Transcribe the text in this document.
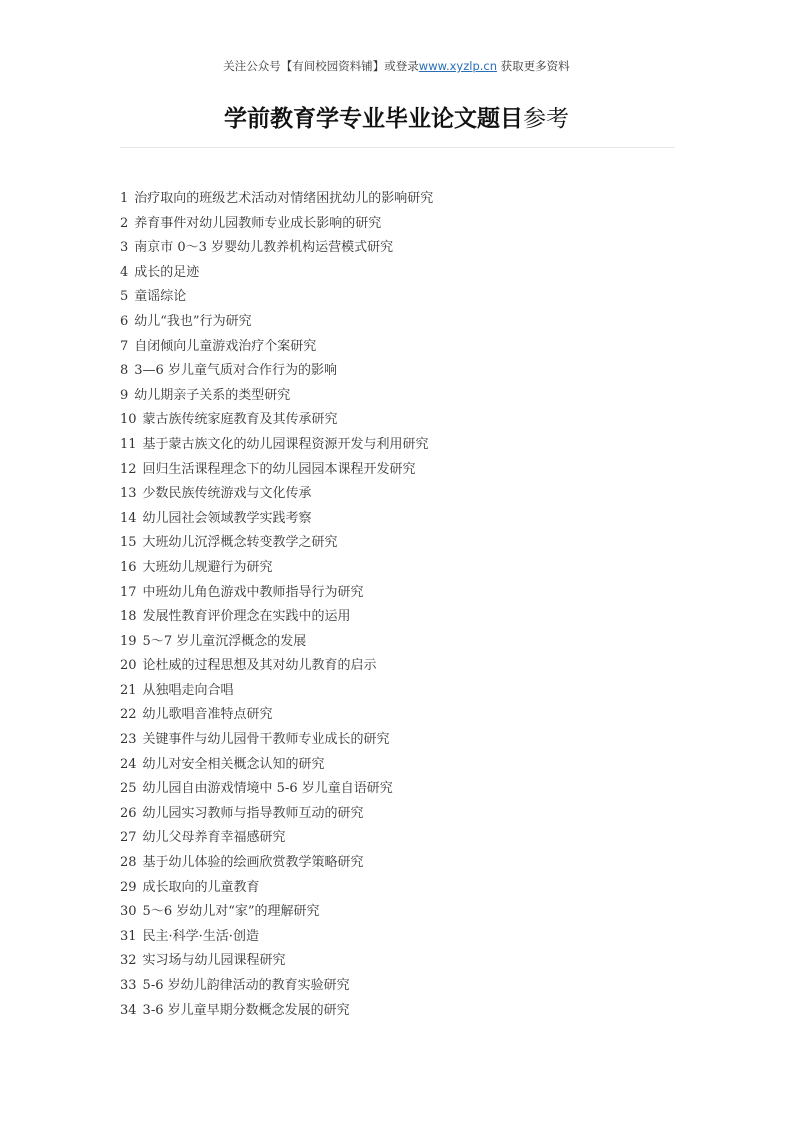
关注公众号【有间校园资料铺】或登录www.xyzlp.cn 获取更多资料
学前教育学专业毕业论文题目参考
1 治疗取向的班级艺术活动对情绪困扰幼儿的影响研究
2 养育事件对幼儿园教师专业成长影响的研究
3 南京市 0～3 岁婴幼儿教养机构运营模式研究
4 成长的足迹
5 童谣综论
6 幼儿“我也”行为研究
7 自闭倾向儿童游戏治疗个案研究
8 3—6 岁儿童气质对合作行为的影响
9 幼儿期亲子关系的类型研究
10 蒙古族传统家庭教育及其传承研究
11 基于蒙古族文化的幼儿园课程资源开发与利用研究
12 回归生活课程理念下的幼儿园园本课程开发研究
13 少数民族传统游戏与文化传承
14 幼儿园社会领域教学实践考察
15 大班幼儿沉浮概念转变教学之研究
16 大班幼儿规避行为研究
17 中班幼儿角色游戏中教师指导行为研究
18 发展性教育评价理念在实践中的运用
19 5～7 岁儿童沉浮概念的发展
20 论杜威的过程思想及其对幼儿教育的启示
21 从独唱走向合唱
22 幼儿歌唱音准特点研究
23 关键事件与幼儿园骨干教师专业成长的研究
24 幼儿对安全相关概念认知的研究
25 幼儿园自由游戏情境中 5-6 岁儿童自语研究
26 幼儿园实习教师与指导教师互动的研究
27 幼儿父母养育幸福感研究
28 基于幼儿体验的绘画欣赏教学策略研究
29 成长取向的儿童教育
30 5～6 岁幼儿对“家”的理解研究
31 民主·科学·生活·创造
32 实习场与幼儿园课程研究
33 5-6 岁幼儿韵律活动的教育实验研究
34 3-6 岁儿童早期分数概念发展的研究
